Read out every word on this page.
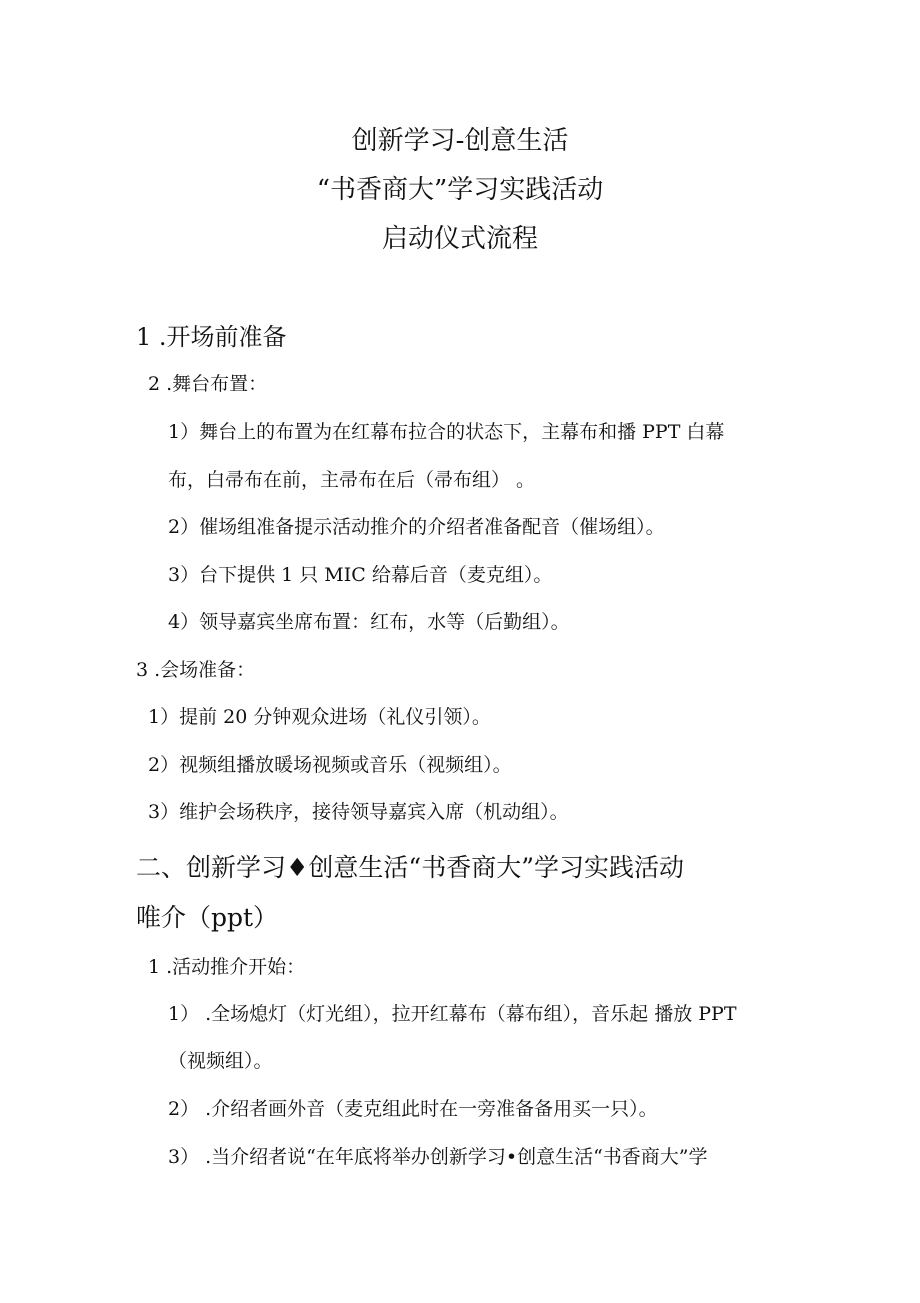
创新学习-创意生活
“书香商大”学习实践活动
启动仪式流程
1 .开场前准备
2 .舞台布置：
1）舞台上的布置为在红幕布拉合的状态下，主幕布和播 PPT 白幕
布，白帚布在前，主帚布在后（帚布组） 。
2）催场组准备提示活动推介的介绍者准备配音（催场组）。
3）台下提供 1 只 MIC 给幕后音（麦克组）。
4）领导嘉宾坐席布置：红布，水等（后勤组）。
3 .会场准备：
1）提前 20 分钟观众进场（礼仪引领）。
2）视频组播放暖场视频或音乐（视频组）。
3）维护会场秩序，接待领导嘉宾入席（机动组）。
二、创新学习♦创意生活“书香商大”学习实践活动
唯介（ppt）
1 .活动推介开始：
1） .全场熄灯（灯光组），拉开红幕布（幕布组），音乐起 播放 PPT
（视频组）。
2） .介绍者画外音（麦克组此时在一旁准备备用买一只）。
3） .当介绍者说“在年底将举办创新学习•创意生活“书香商大”学
